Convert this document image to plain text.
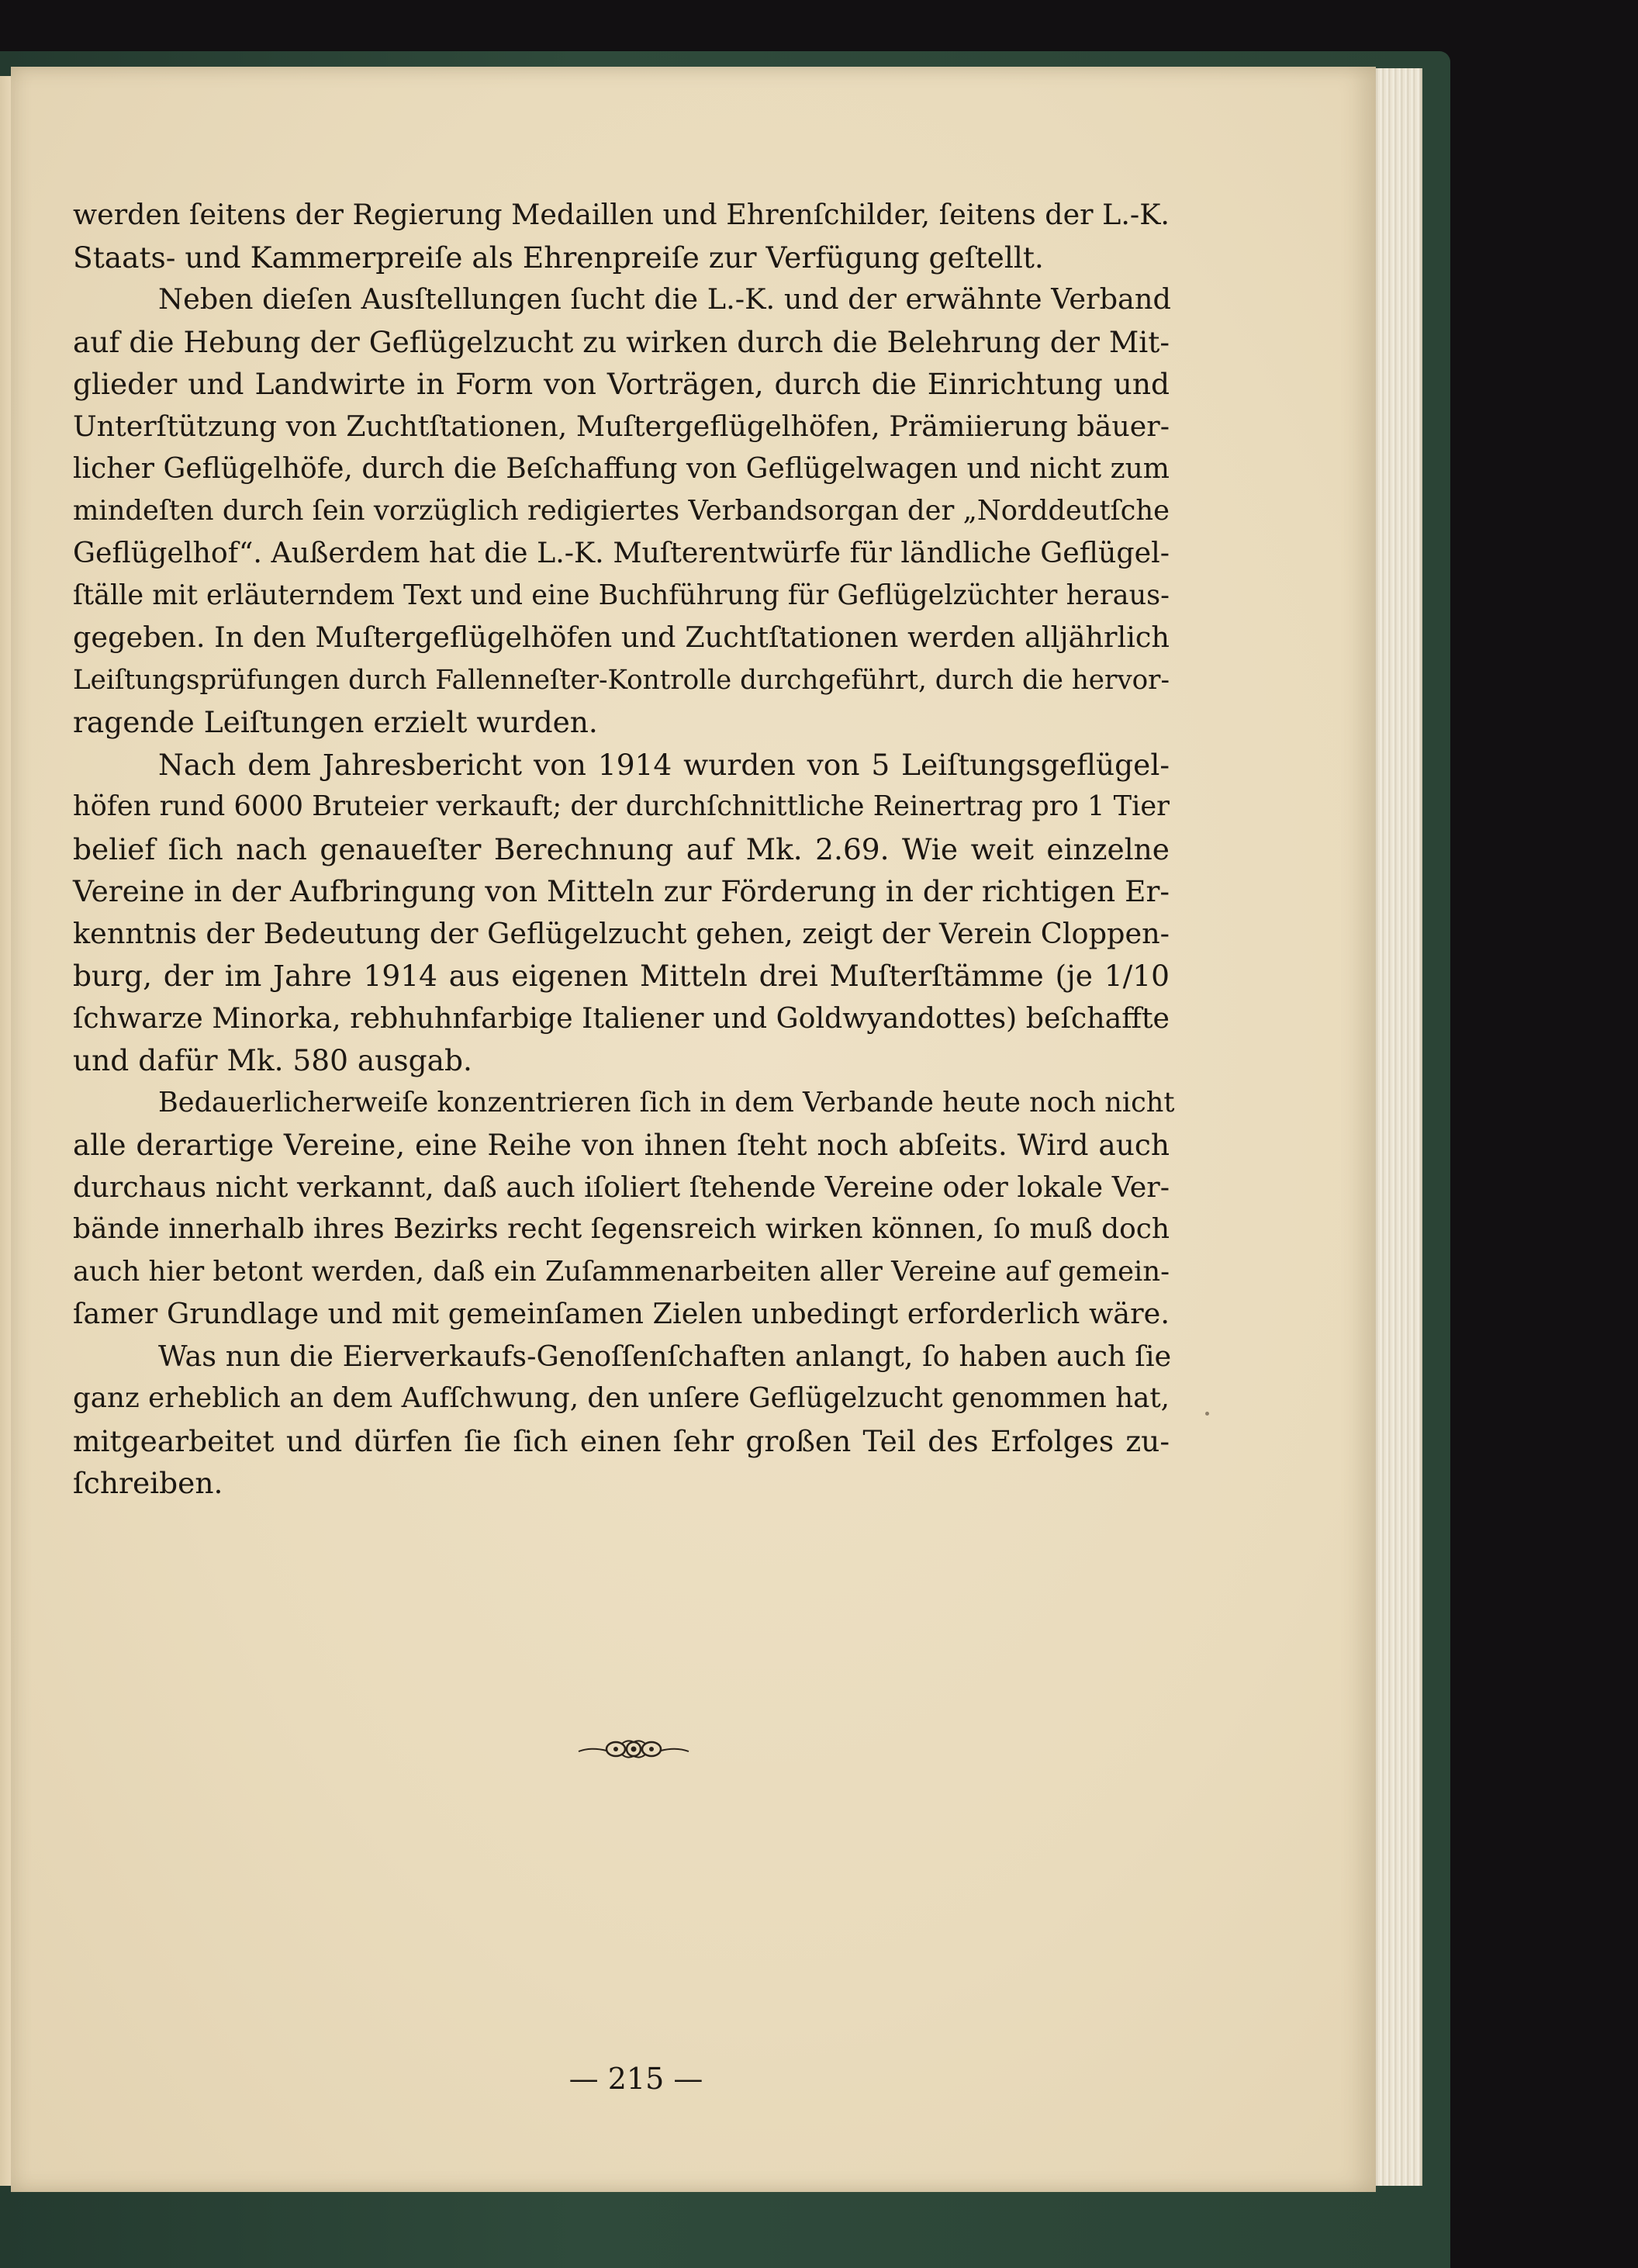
werden ſeitens der Regierung Medaillen und Ehrenſchilder, ſeitens der L.-K.
Staats- und Kammerpreiſe als Ehrenpreiſe zur Verfügung geſtellt.

Neben dieſen Ausſtellungen ſucht die L.-K. und der erwähnte Verband
auf die Hebung der Geflügelzucht zu wirken durch die Belehrung der Mit-
glieder und Landwirte in Form von Vorträgen, durch die Einrichtung und
Unterſtützung von Zuchtſtationen, Muſtergeflügelhöfen, Prämiierung bäuer-
licher Geflügelhöfe, durch die Beſchaffung von Geflügelwagen und nicht zum
mindeſten durch ſein vorzüglich redigiertes Verbandsorgan der „Norddeutſche
Geflügelhof“. Außerdem hat die L.-K. Muſterentwürfe für ländliche Geflügel-
ſtälle mit erläuterndem Text und eine Buchführung für Geflügelzüchter heraus-
gegeben. In den Muſtergeflügelhöfen und Zuchtſtationen werden alljährlich
Leiſtungsprüfungen durch Fallenneſter-Kontrolle durchgeführt, durch die hervor-
ragende Leiſtungen erzielt wurden.

Nach dem Jahresbericht von 1914 wurden von 5 Leiſtungsgeflügel-
höfen rund 6000 Bruteier verkauft; der durchſchnittliche Reinertrag pro 1 Tier
belief ſich nach genaueſter Berechnung auf Mk. 2.69. Wie weit einzelne
Vereine in der Aufbringung von Mitteln zur Förderung in der richtigen Er-
kenntnis der Bedeutung der Geflügelzucht gehen, zeigt der Verein Cloppen-
burg, der im Jahre 1914 aus eigenen Mitteln drei Muſterſtämme (je 1/10
ſchwarze Minorka, rebhuhnfarbige Italiener und Goldwyandottes) beſchaffte
und dafür Mk. 580 ausgab.

Bedauerlicherweiſe konzentrieren ſich in dem Verbande heute noch nicht
alle derartige Vereine, eine Reihe von ihnen ſteht noch abſeits. Wird auch
durchaus nicht verkannt, daß auch iſoliert ſtehende Vereine oder lokale Ver-
bände innerhalb ihres Bezirks recht ſegensreich wirken können, ſo muß doch
auch hier betont werden, daß ein Zuſammenarbeiten aller Vereine auf gemein-
ſamer Grundlage und mit gemeinſamen Zielen unbedingt erforderlich wäre.

Was nun die Eierverkaufs-Genoſſenſchaften anlangt, ſo haben auch ſie
ganz erheblich an dem Aufſchwung, den unſere Geflügelzucht genommen hat,
mitgearbeitet und dürfen ſie ſich einen ſehr großen Teil des Erfolges zu-
ſchreiben.

— 215 —
